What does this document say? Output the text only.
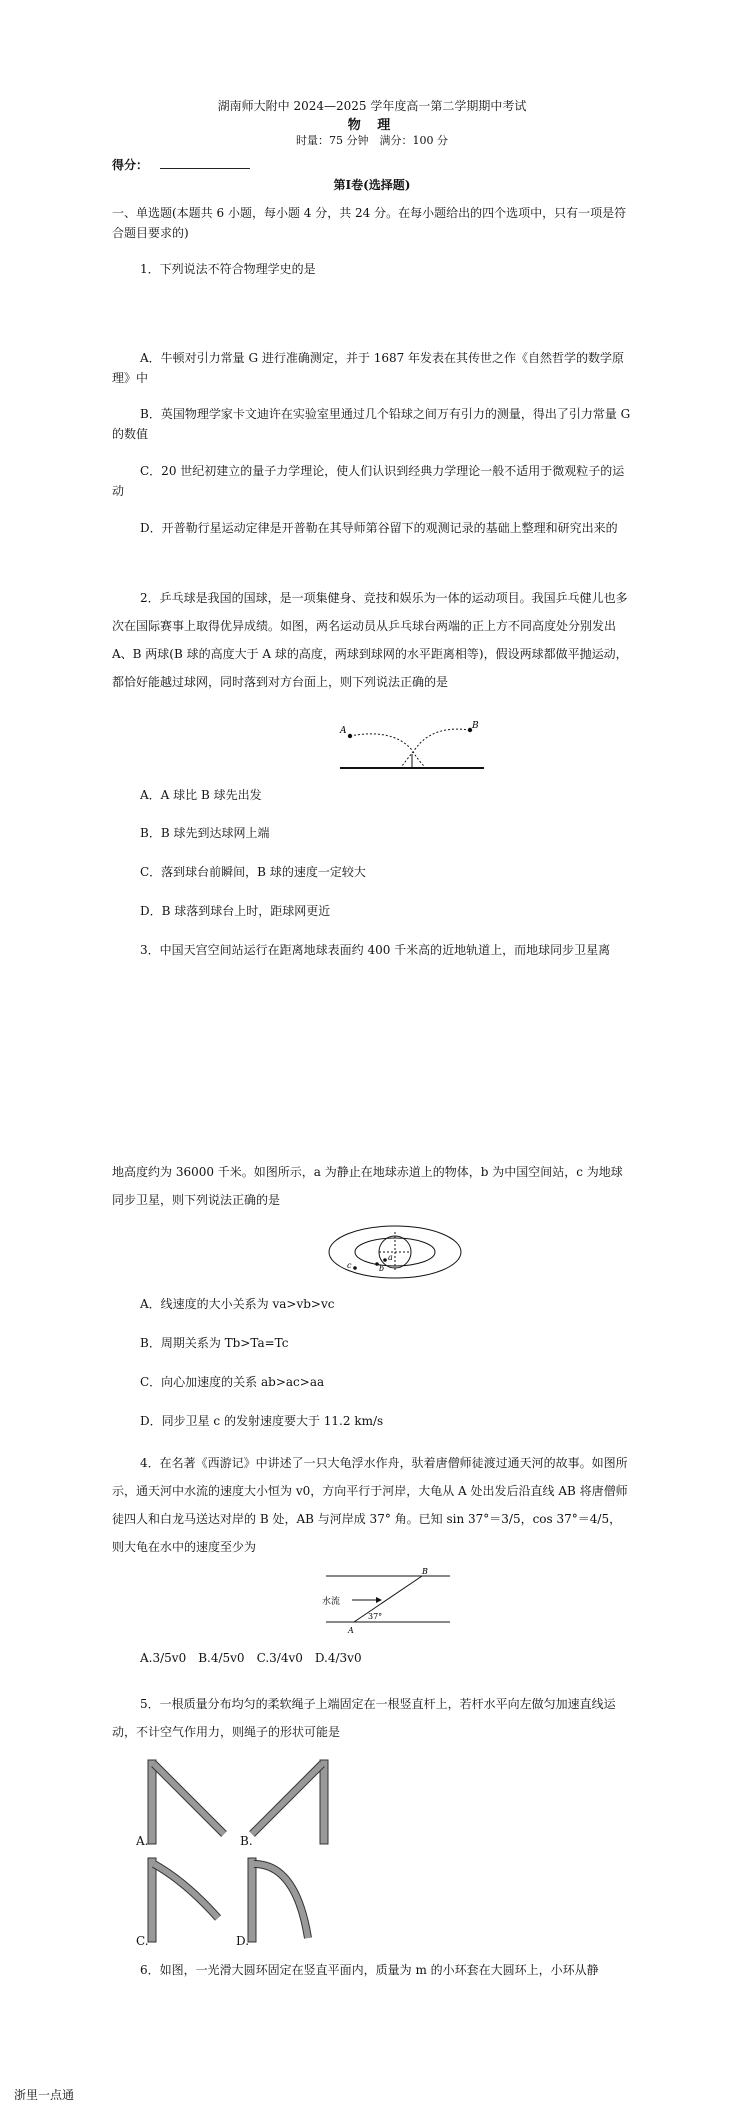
湖南师大附中 2024—2025 学年度高一第二学期期中考试
物 理
时量：75 分钟　满分：100 分
得分：
第Ⅰ卷(选择题)
一、单选题(本题共 6 小题，每小题 4 分，共 24 分。在每小题给出的四个选项中，只有一项是符合题目要求的)
1．下列说法不符合物理学史的是
A．牛顿对引力常量 G 进行准确测定，并于 1687 年发表在其传世之作《自然哲学的数学原理》中
B．英国物理学家卡文迪许在实验室里通过几个铅球之间万有引力的测量，得出了引力常量 G 的数值
C．20 世纪初建立的量子力学理论，使人们认识到经典力学理论一般不适用于微观粒子的运动
D．开普勒行星运动定律是开普勒在其导师第谷留下的观测记录的基础上整理和研究出来的
2．乒乓球是我国的国球，是一项集健身、竞技和娱乐为一体的运动项目。我国乒乓健儿也多次在国际赛事上取得优异成绩。如图，两名运动员从乒乓球台两端的正上方不同高度处分别发出 A、B 两球(B 球的高度大于 A 球的高度，两球到球网的水平距离相等)，假设两球都做平抛运动，都恰好能越过球网，同时落到对方台面上，则下列说法正确的是
A	B
A．A 球比 B 球先出发
B．B 球先到达球网上端
C．落到球台前瞬间，B 球的速度一定较大
D．B 球落到球台上时，距球网更近
3．中国天宫空间站运行在距离地球表面约 400 千米高的近地轨道上，而地球同步卫星离
地高度约为 36000 千米。如图所示，a 为静止在地球赤道上的物体，b 为中国空间站，c 为地球同步卫星，则下列说法正确的是
a
b
c
A．线速度的大小关系为 va>vb>vc
B．周期关系为 Tb>Ta=Tc
C．向心加速度的关系 ab>ac>aa
D．同步卫星 c 的发射速度要大于 11.2 km/s
4．在名著《西游记》中讲述了一只大龟浮水作舟，驮着唐僧师徒渡过通天河的故事。如图所示，通天河中水流的速度大小恒为 v0，方向平行于河岸，大龟从 A 处出发后沿直线 AB 将唐僧师徒四人和白龙马送达对岸的 B 处，AB 与河岸成 37° 角。已知 sin 37°＝3/5，cos 37°＝4/5，则大龟在水中的速度至少为
水流
37°
A
B
A.3/5v0　B.4/5v0　C.3/4v0　D.4/3v0
5．一根质量分布均匀的柔软绳子上端固定在一根竖直杆上，若杆水平向左做匀加速直线运动，不计空气作用力，则绳子的形状可能是
A.	B.
C.	D.
6．如图，一光滑大圆环固定在竖直平面内，质量为 m 的小环套在大圆环上，小环从静
浙里一点通
